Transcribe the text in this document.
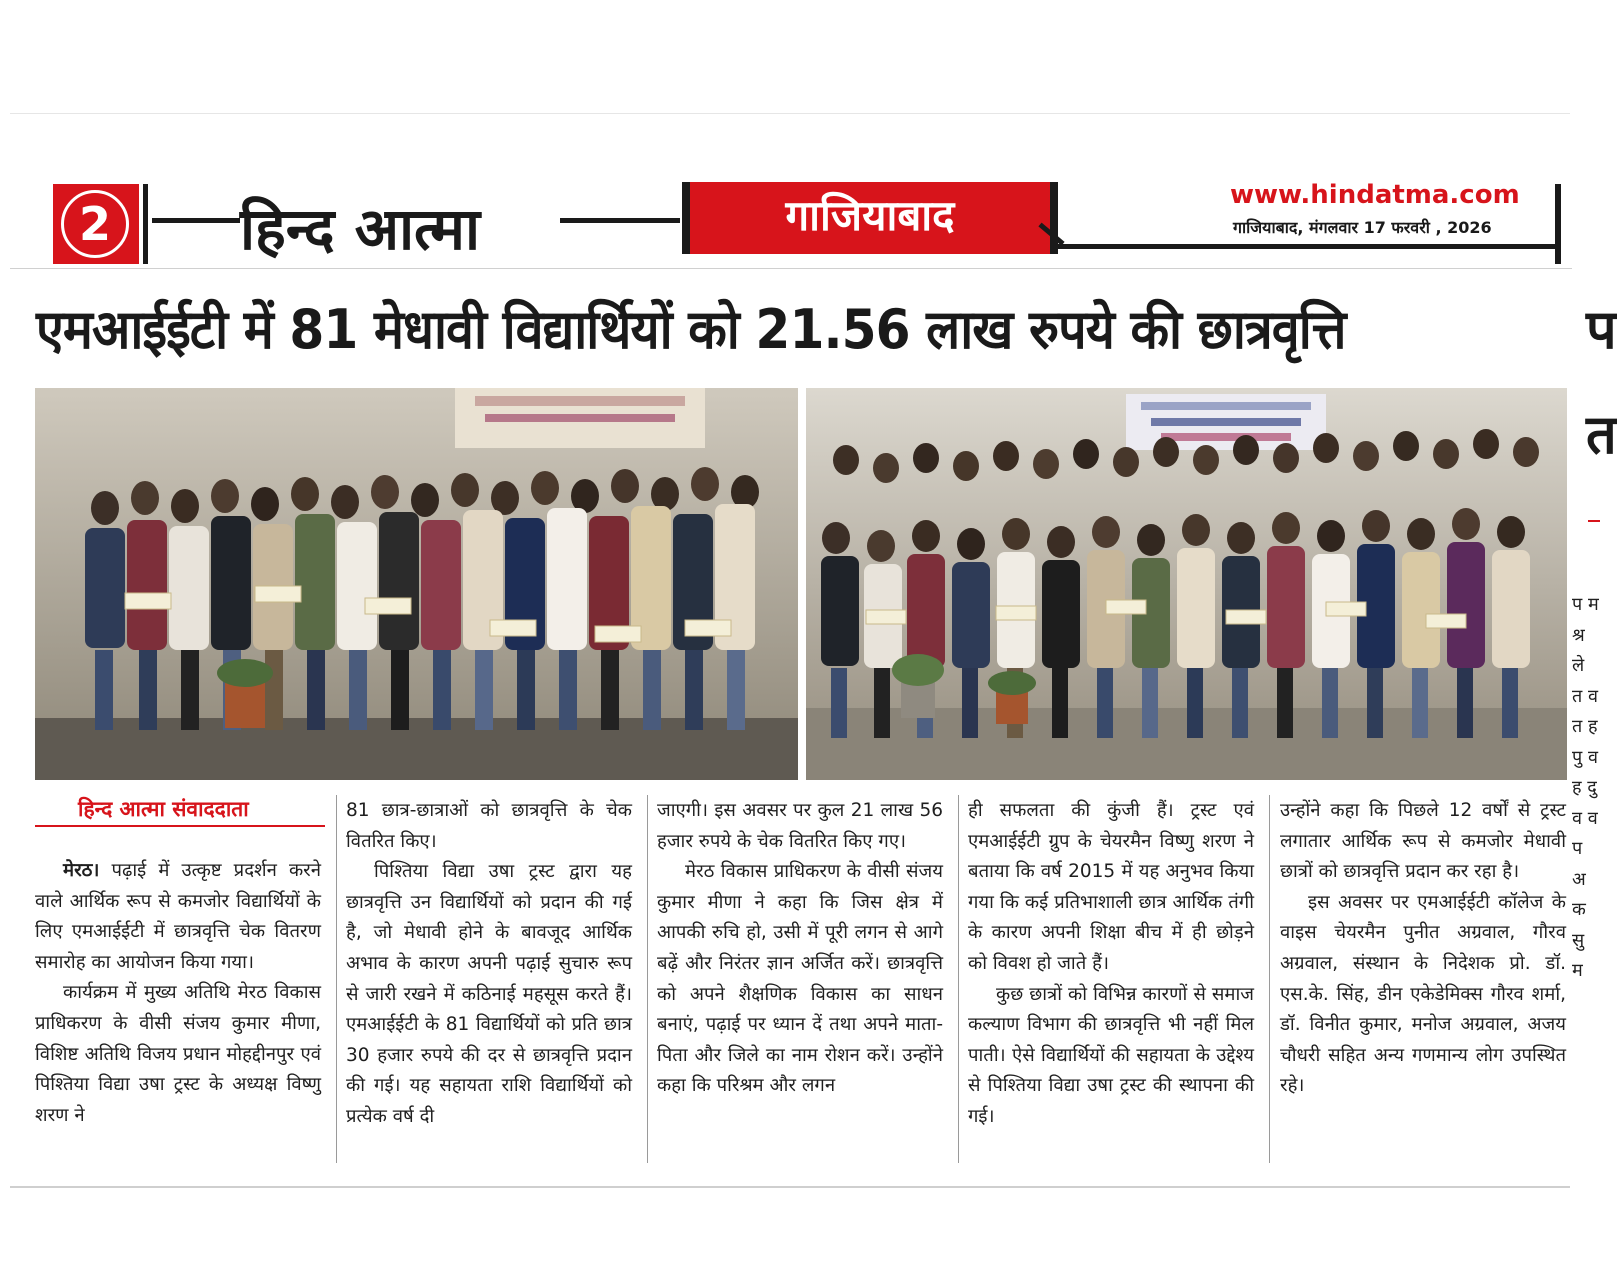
2	हिन्द आत्मा	गाजियाबाद	www.hindatma.com
गाजियाबाद, मंगलवार 17 फरवरी , 2026
एमआईईटी में 81 मेधावी विद्यार्थियों को 21.56 लाख रुपये की छात्रवृत्ति
हिन्द आत्मा संवाददाता

मेरठ। पढ़ाई में उत्कृष्ट प्रदर्शन करने वाले आर्थिक रूप से कमजोर विद्यार्थियों के लिए एमआईईटी में छात्रवृत्ति चेक वितरण समारोह का आयोजन किया गया।

कार्यक्रम में मुख्य अतिथि मेरठ विकास प्राधिकरण के वीसी संजय कुमार मीणा, विशिष्ट अतिथि विजय प्रधान मोहद्दीनपुर एवं पिश्तिया विद्या उषा ट्रस्ट के अध्यक्ष विष्णु शरण ने

81 छात्र-छात्राओं को छात्रवृत्ति के चेक वितरित किए।

पिश्तिया विद्या उषा ट्रस्ट द्वारा यह छात्रवृत्ति उन विद्यार्थियों को प्रदान की गई है, जो मेधावी होने के बावजूद आर्थिक अभाव के कारण अपनी पढ़ाई सुचारु रूप से जारी रखने में कठिनाई महसूस करते हैं। एमआईईटी के 81 विद्यार्थियों को प्रति छात्र 30 हजार रुपये की दर से छात्रवृत्ति प्रदान की गई। यह सहायता राशि विद्यार्थियों को प्रत्येक वर्ष दी

जाएगी। इस अवसर पर कुल 21 लाख 56 हजार रुपये के चेक वितरित किए गए।

मेरठ विकास प्राधिकरण के वीसी संजय कुमार मीणा ने कहा कि जिस क्षेत्र में आपकी रुचि हो, उसी में पूरी लगन से आगे बढ़ें और निरंतर ज्ञान अर्जित करें। छात्रवृत्ति को अपने शैक्षणिक विकास का साधन बनाएं, पढ़ाई पर ध्यान दें तथा अपने माता-पिता और जिले का नाम रोशन करें। उन्होंने कहा कि परिश्रम और लगन

ही सफलता की कुंजी हैं। ट्रस्ट एवं एमआईईटी ग्रुप के चेयरमैन विष्णु शरण ने बताया कि वर्ष 2015 में यह अनुभव किया गया कि कई प्रतिभाशाली छात्र आर्थिक तंगी के कारण अपनी शिक्षा बीच में ही छोड़ने को विवश हो जाते हैं।

कुछ छात्रों को विभिन्न कारणों से समाज कल्याण विभाग की छात्रवृत्ति भी नहीं मिल पाती। ऐसे विद्यार्थियों की सहायता के उद्देश्य से पिश्तिया विद्या उषा ट्रस्ट की स्थापना की गई।

उन्होंने कहा कि पिछले 12 वर्षों से ट्रस्ट लगातार आर्थिक रूप से कमजोर मेधावी छात्रों को छात्रवृत्ति प्रदान कर रहा है।

इस अवसर पर एमआईईटी कॉलेज के वाइस चेयरमैन पुनीत अग्रवाल, गौरव अग्रवाल, संस्थान के निदेशक प्रो. डॉ. एस.के. सिंह, डीन एकेडेमिक्स गौरव शर्मा, डॉ. विनीत कुमार, मनोज अग्रवाल, अजय चौधरी सहित अन्य गणमान्य लोग उपस्थित रहे।

प
त
प म श्र ले त व त ह पु व ह दु व व प अ क सु म
